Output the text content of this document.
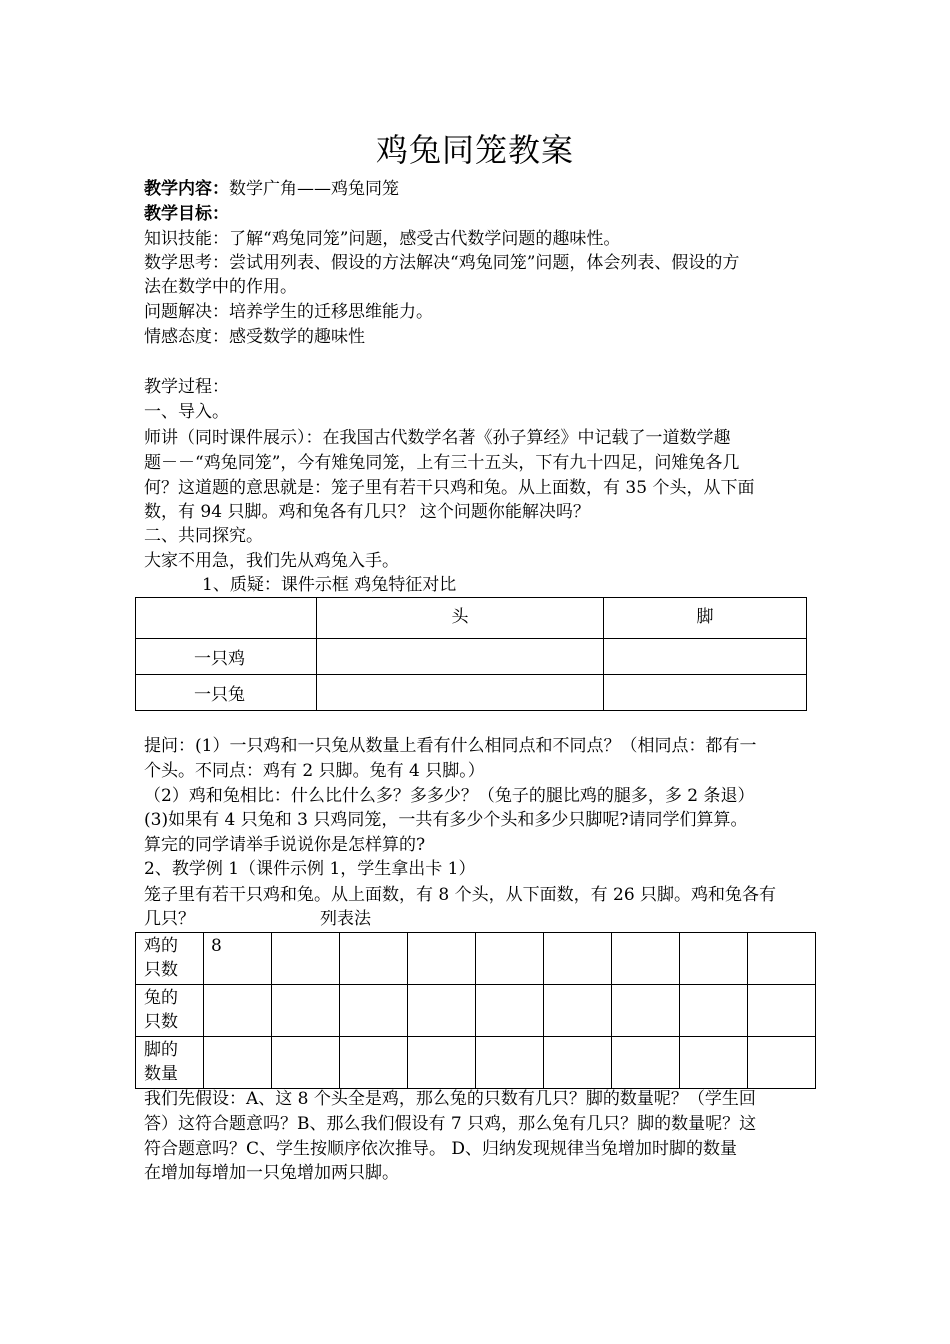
鸡兔同笼教案
教学内容：数学广角——鸡兔同笼
教学目标：
知识技能：了解“鸡兔同笼”问题，感受古代数学问题的趣味性。
数学思考：尝试用列表、假设的方法解决“鸡兔同笼”问题，体会列表、假设的方
法在数学中的作用。
问题解决：培养学生的迁移思维能力。
情感态度：感受数学的趣味性
教学过程：
一、导入。
师讲（同时课件展示）：在我国古代数学名著《孙子算经》中记载了一道数学趣
题－－“鸡兔同笼”，今有雉兔同笼，上有三十五头，下有九十四足，问雉兔各几
何？这道题的意思就是：笼子里有若干只鸡和兔。从上面数，有 35 个头，从下面
数，有 94 只脚。鸡和兔各有几只？ 这个问题你能解决吗？
二、共同探究。
大家不用急，我们先从鸡兔入手。
1、质疑：课件示框 鸡兔特征对比
	头	脚
一只鸡		
一只兔		
提问：(1）一只鸡和一只兔从数量上看有什么相同点和不同点？（相同点：都有一
个头。不同点：鸡有 2 只脚。兔有 4 只脚。）
（2）鸡和兔相比：什么比什么多？多多少？（兔子的腿比鸡的腿多，多 2 条退）
(3)如果有 4 只兔和 3 只鸡同笼，一共有多少个头和多少只脚呢?请同学们算算。
算完的同学请举手说说你是怎样算的?
2、教学例 1（课件示例 1，学生拿出卡 1）
笼子里有若干只鸡和兔。从上面数，有 8 个头，从下面数，有 26 只脚。鸡和兔各有
几只？	列表法
鸡的
只数	8								
兔的
只数									
脚的
数量									
我们先假设：A、这 8 个头全是鸡，那么兔的只数有几只？脚的数量呢？（学生回
答）这符合题意吗？B、那么我们假设有 7 只鸡，那么兔有几只？脚的数量呢？这
符合题意吗？C、学生按顺序依次推导。 D、归纳发现规律当兔增加时脚的数量
在增加每增加一只兔增加两只脚。
